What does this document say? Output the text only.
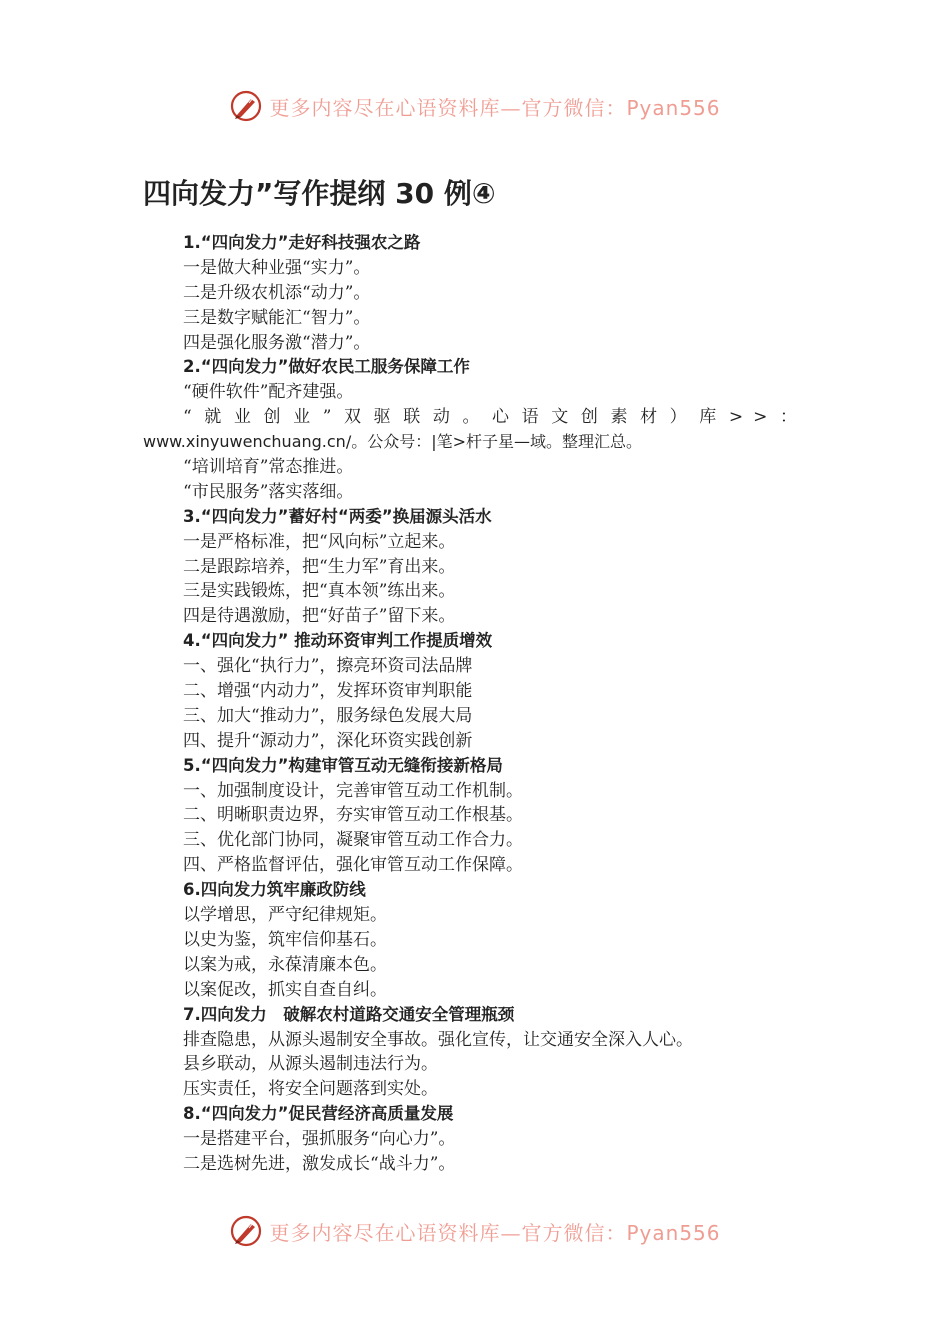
更多内容尽在心语资料库—官方微信：Pyan556
四向发力”写作提纲 30 例④
1.“四向发力”走好科技强农之路
一是做大种业强“实力”。
二是升级农机添“动力”。
三是数字赋能汇“智力”。
四是强化服务激“潜力”。
2.“四向发力”做好农民工服务保障工作
“硬件软件”配齐建强。
“就业创业”双驱联动。心语文创素材）库>>：
www.xinyuwenchuang.cn/。公众号：|笔>杆子星—域。整理汇总。
“培训培育”常态推进。
“市民服务”落实落细。
3.“四向发力”蓄好村“两委”换届源头活水
一是严格标准，把“风向标”立起来。
二是跟踪培养，把“生力军”育出来。
三是实践锻炼，把“真本领”练出来。
四是待遇激励，把“好苗子”留下来。
4.“四向发力” 推动环资审判工作提质增效
一、强化“执行力”，擦亮环资司法品牌
二、增强“内动力”，发挥环资审判职能
三、加大“推动力”，服务绿色发展大局
四、提升“源动力”，深化环资实践创新
5.“四向发力”构建审管互动无缝衔接新格局
一、加强制度设计，完善审管互动工作机制。
二、明晰职责边界，夯实审管互动工作根基。
三、优化部门协同，凝聚审管互动工作合力。
四、严格监督评估，强化审管互动工作保障。
6.四向发力筑牢廉政防线
以学增思，严守纪律规矩。
以史为鉴，筑牢信仰基石。
以案为戒，永葆清廉本色。
以案促改，抓实自查自纠。
7.四向发力　破解农村道路交通安全管理瓶颈
排查隐患，从源头遏制安全事故。强化宣传，让交通安全深入人心。
县乡联动，从源头遏制违法行为。
压实责任，将安全问题落到实处。
8.“四向发力”促民营经济高质量发展
一是搭建平台，强抓服务“向心力”。
二是选树先进，激发成长“战斗力”。
更多内容尽在心语资料库—官方微信：Pyan556
